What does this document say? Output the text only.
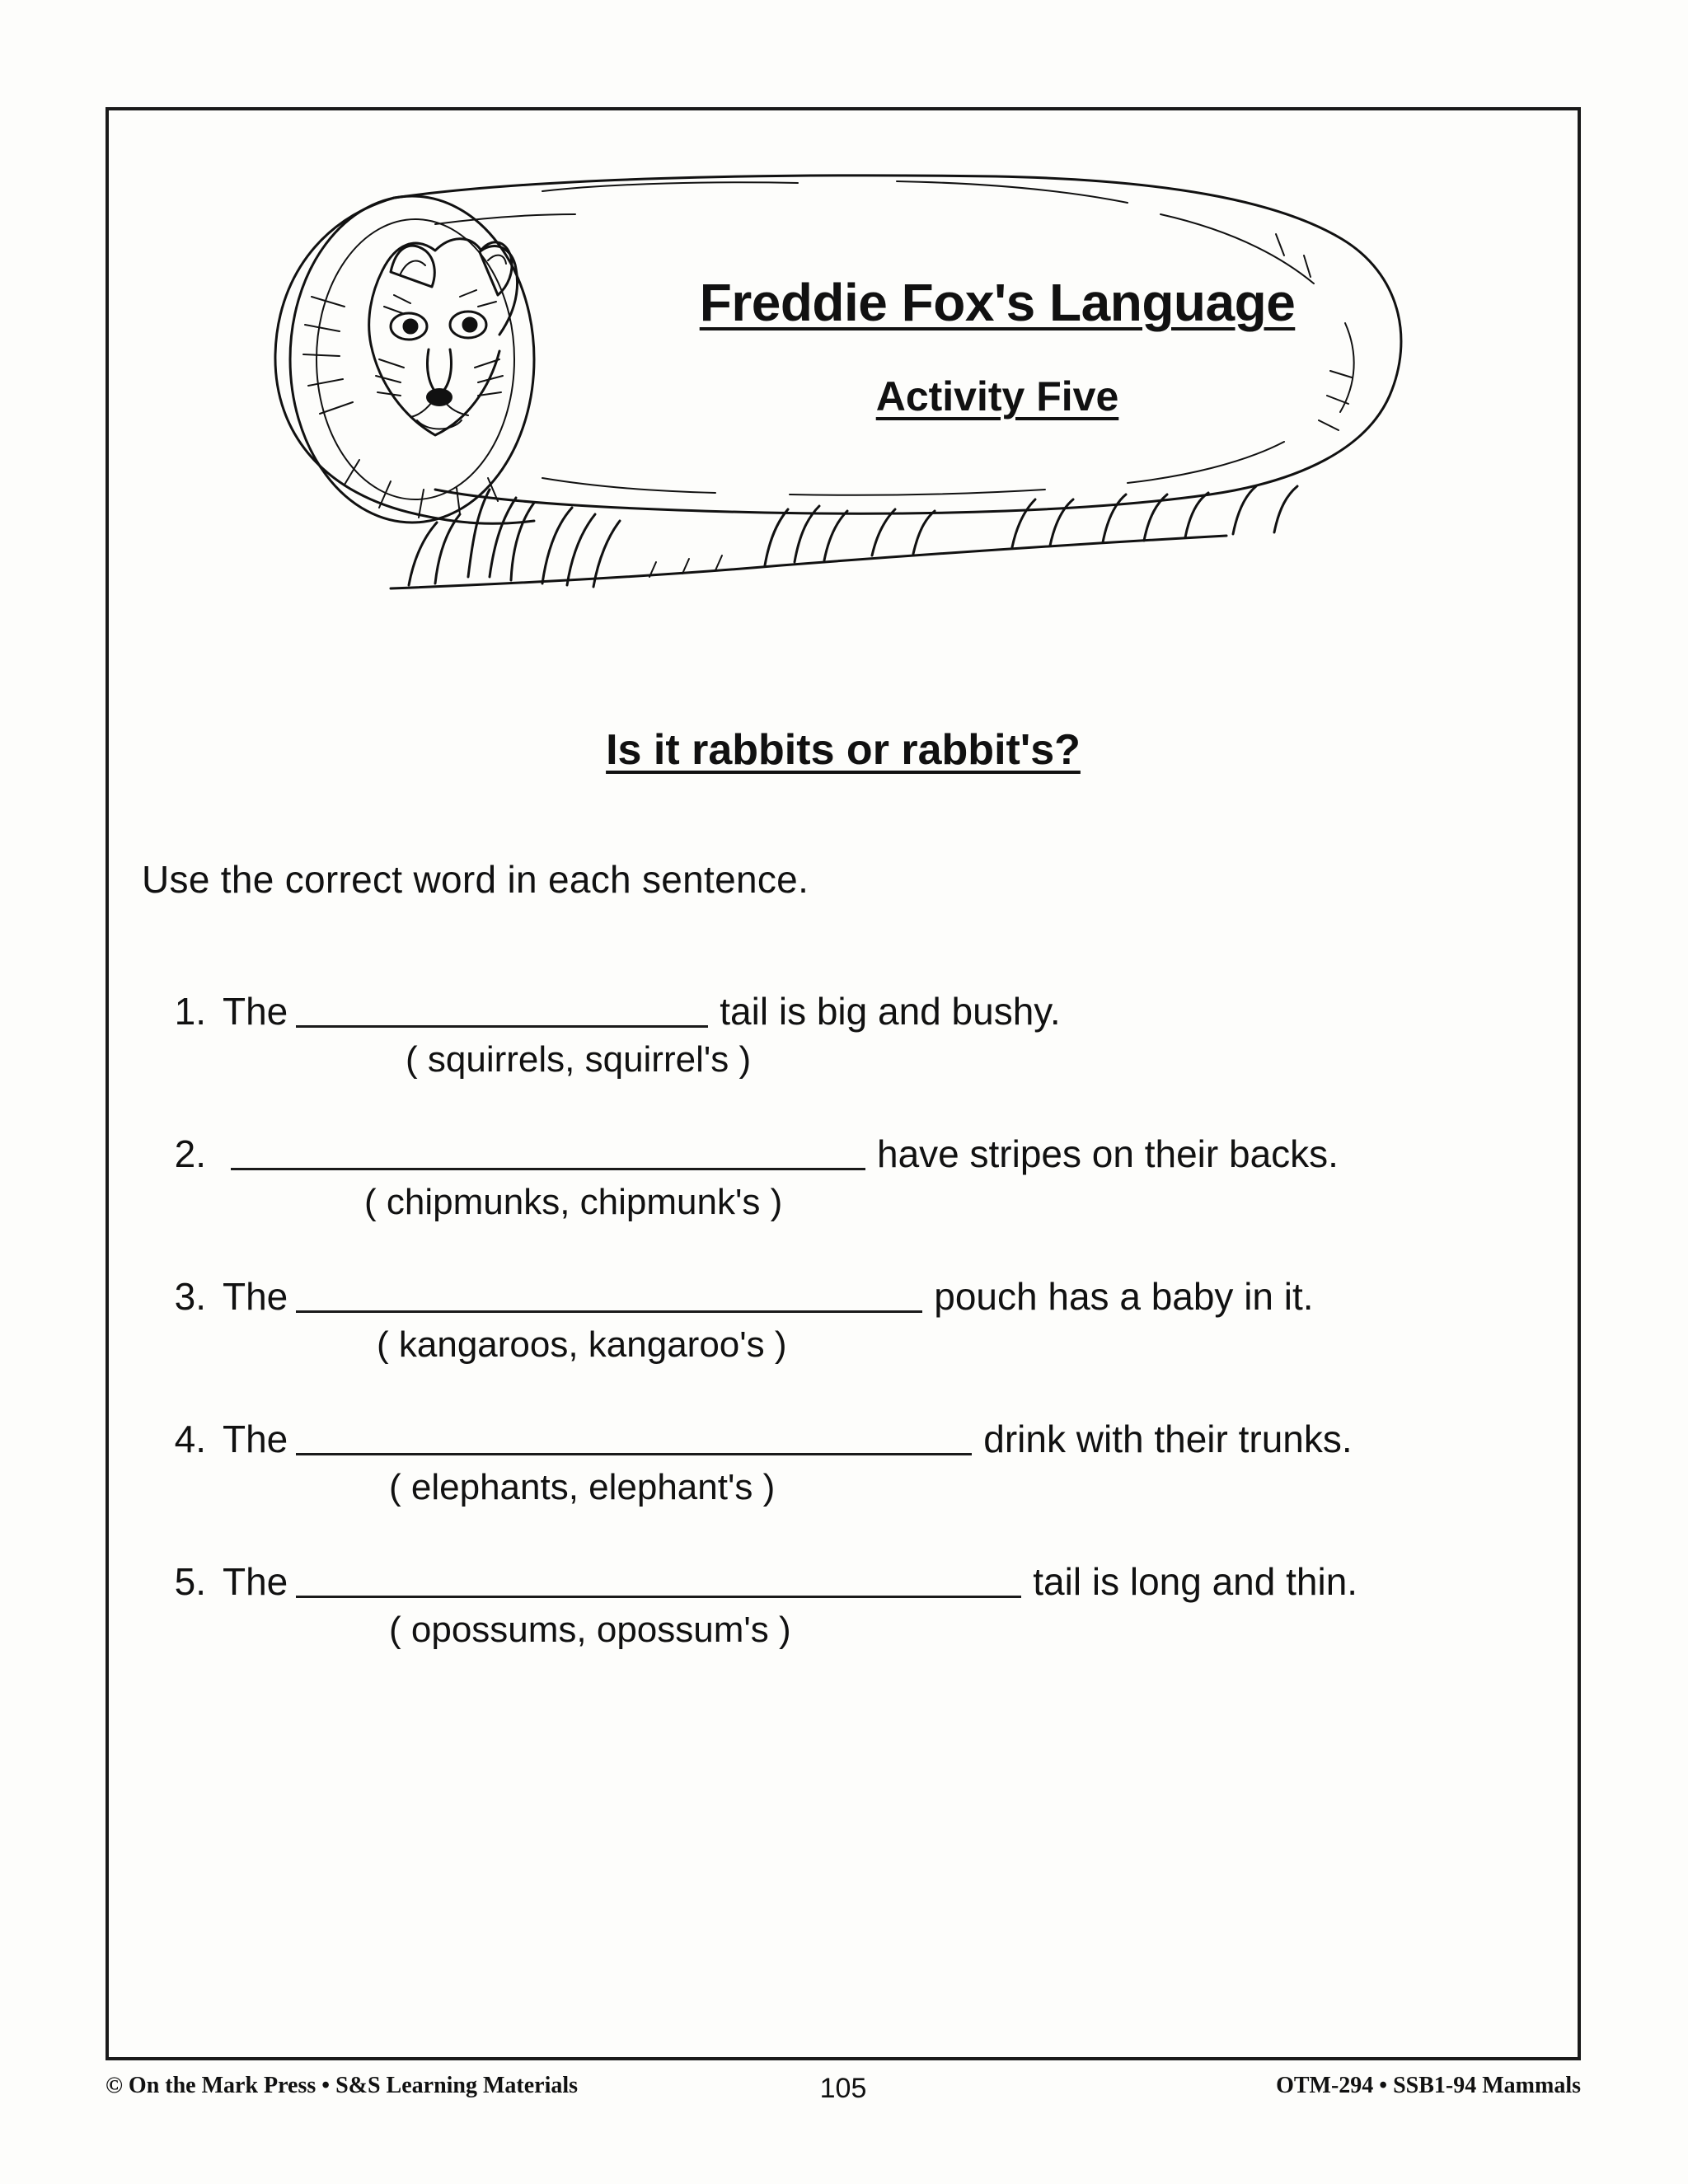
Freddie Fox's Language
Activity Five
Is it rabbits or rabbit's?
Use the correct word in each sentence.
1. The	tail is big and bushy.
( squirrels, squirrel's )
2.	have stripes on their backs.
( chipmunks, chipmunk's )
3. The	pouch has a baby in it.
( kangaroos, kangaroo's )
4. The	drink with their trunks.
( elephants, elephant's )
5. The	tail is long and thin.
( opossums, opossum's )
© On the Mark Press • S&S Learning Materials	105	OTM-294 • SSB1-94 Mammals
